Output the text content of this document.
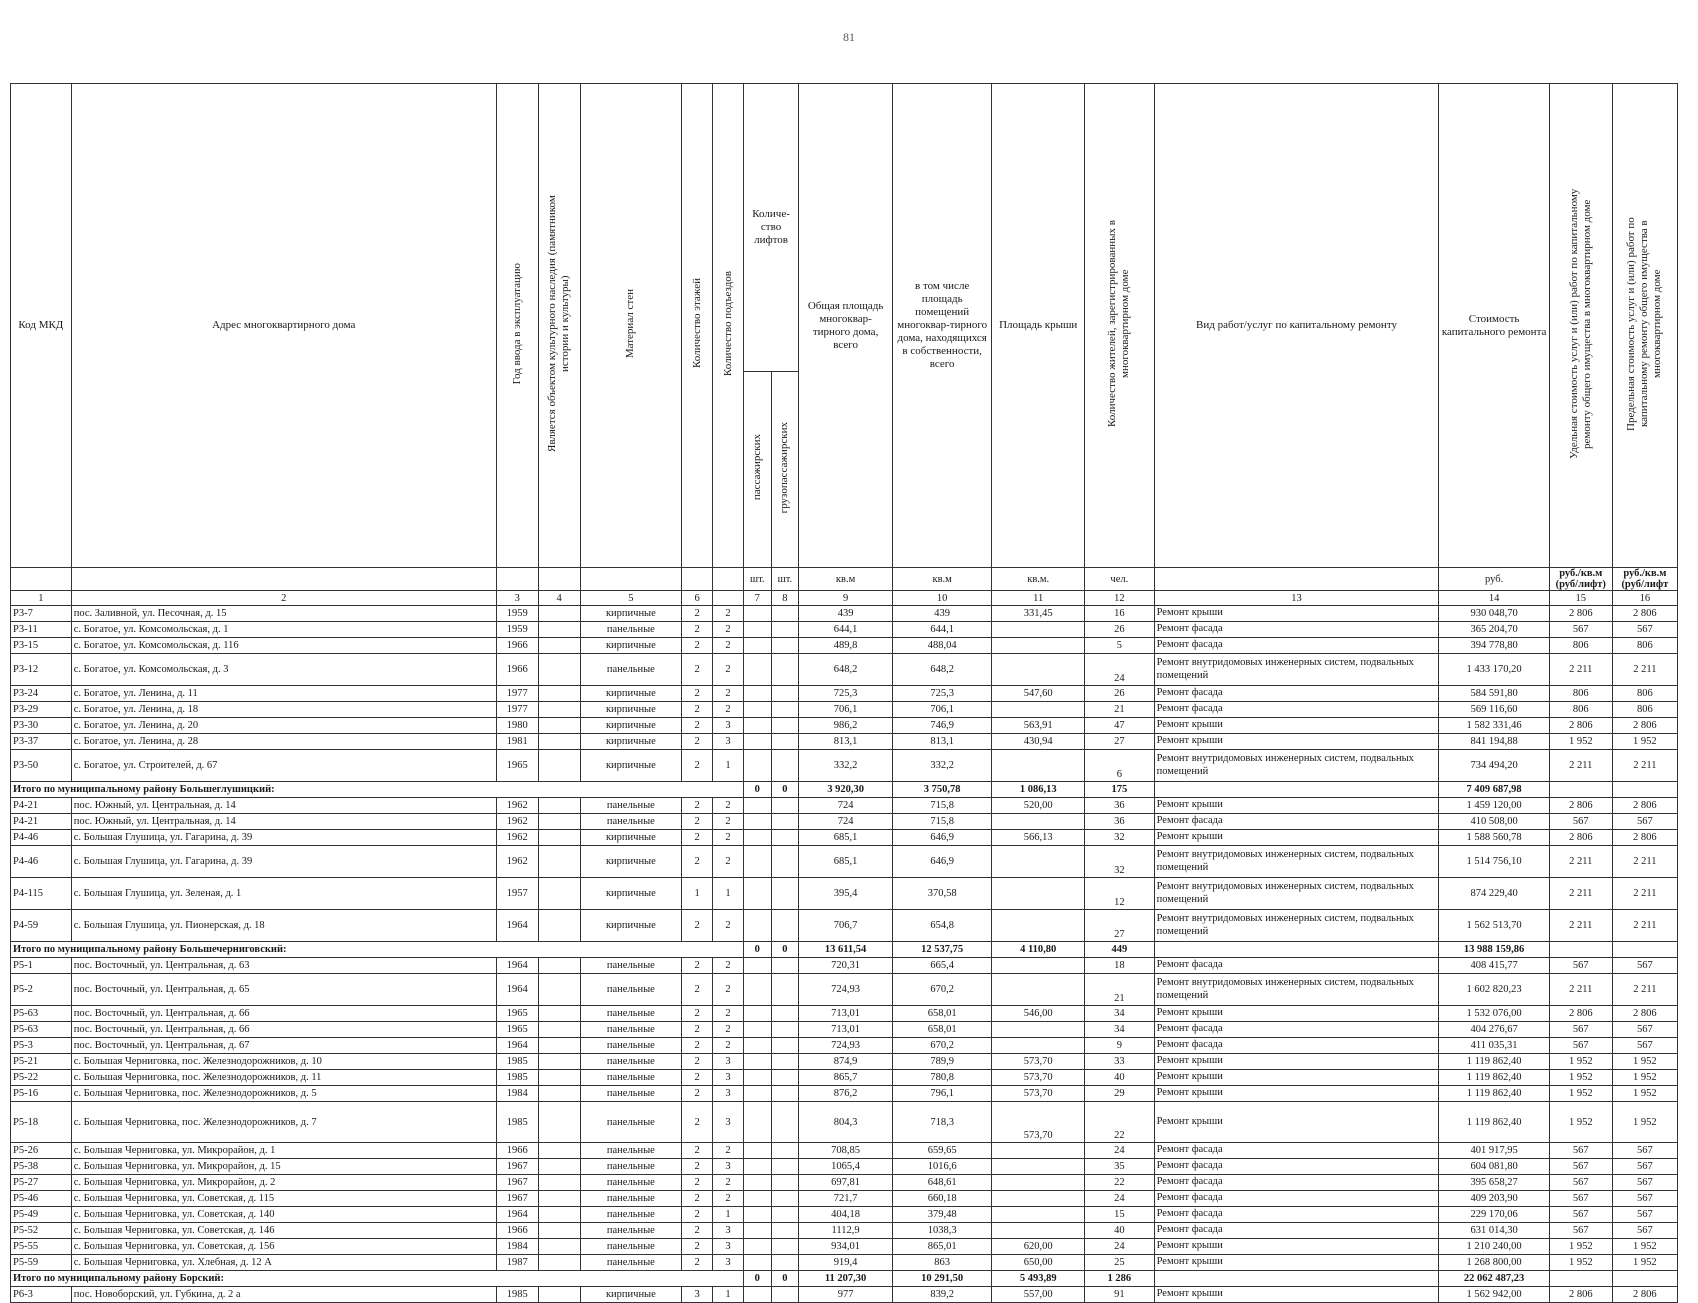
81
Код МКД	Адрес многоквартирного дома	Год ввода в эксплуатацию	Является объектом культурного наследия (памятником истории и культуры)	Материал стен	Количество этажей	Количество подъездов	Количе-ство лифтов		Общая площадь многоквар-тирного дома, всего	в том числе площадь помещений многоквар-тирного дома, находящихся в собственности, всего	Площадь крыши	Количество жителей, зарегистрированных в многоквартирном доме	Вид работ/услуг по капитальному ремонту	Стоимость капитального ремонта	Удельная стоимость услуг и (или) работ по капитальному ремонту общего имущества в многоквартирном доме	Предельная стоимость услуг и (или) работ по капитальному ремонту общего имущества в многоквартирном доме
							пассажирских	грузопассажирских								
							шт.	шт.	кв.м	кв.м	кв.м.	чел.		руб.	руб./кв.м (руб/лифт)	руб./кв.м (руб/лифт
1	2	3	4	5	6		7	8	9	10	11	12	13	14	15	16
Р3-7	пос. Заливной, ул. Песочная, д. 15	1959		кирпичные	2	2			439	439	331,45	16	Ремонт крыши	930 048,70	2 806	2 806
Р3-11	с. Богатое, ул. Комсомольская, д. 1	1959		панельные	2	2			644,1	644,1		26	Ремонт фасада	365 204,70	567	567
Р3-15	с. Богатое, ул. Комсомольская, д. 116	1966		кирпичные	2	2			489,8	488,04		5	Ремонт фасада	394 778,80	806	806
Р3-12	с. Богатое, ул. Комсомольская, д. 3	1966		панельные	2	2			648,2	648,2		24	Ремонт внутридомовых инженерных систем, подвальных помещений	1 433 170,20	2 211	2 211
Р3-24	с. Богатое, ул. Ленина, д. 11	1977		кирпичные	2	2			725,3	725,3	547,60	26	Ремонт фасада	584 591,80	806	806
Р3-29	с. Богатое, ул. Ленина, д. 18	1977		кирпичные	2	2			706,1	706,1		21	Ремонт фасада	569 116,60	806	806
Р3-30	с. Богатое, ул. Ленина, д. 20	1980		кирпичные	2	3			986,2	746,9	563,91	47	Ремонт крыши	1 582 331,46	2 806	2 806
Р3-37	с. Богатое, ул. Ленина, д. 28	1981		кирпичные	2	3			813,1	813,1	430,94	27	Ремонт крыши	841 194,88	1 952	1 952
Р3-50	с. Богатое, ул. Строителей, д. 67	1965		кирпичные	2	1			332,2	332,2		6	Ремонт внутридомовых инженерных систем, подвальных помещений	734 494,20	2 211	2 211
Итого по муниципальному району Большеглушицкий:							0	0	3 920,30	3 750,78	1 086,13	175		7 409 687,98		
Р4-21	пос. Южный, ул. Центральная, д. 14	1962		панельные	2	2			724	715,8	520,00	36	Ремонт крыши	1 459 120,00	2 806	2 806
Р4-21	пос. Южный, ул. Центральная, д. 14	1962		панельные	2	2			724	715,8		36	Ремонт фасада	410 508,00	567	567
Р4-46	с. Большая Глушица, ул. Гагарина, д. 39	1962		кирпичные	2	2			685,1	646,9	566,13	32	Ремонт крыши	1 588 560,78	2 806	2 806
Р4-46	с. Большая Глушица, ул. Гагарина, д. 39	1962		кирпичные	2	2			685,1	646,9		32	Ремонт внутридомовых инженерных систем, подвальных помещений	1 514 756,10	2 211	2 211
Р4-115	с. Большая Глушица, ул. Зеленая, д. 1	1957		кирпичные	1	1			395,4	370,58		12	Ремонт внутридомовых инженерных систем, подвальных помещений	874 229,40	2 211	2 211
Р4-59	с. Большая Глушица, ул. Пионерская, д. 18	1964		кирпичные	2	2			706,7	654,8		27	Ремонт внутридомовых инженерных систем, подвальных помещений	1 562 513,70	2 211	2 211
Итого по муниципальному району Большечерниговский:							0	0	13 611,54	12 537,75	4 110,80	449		13 988 159,86		
Р5-1	пос. Восточный, ул. Центральная, д. 63	1964		панельные	2	2			720,31	665,4		18	Ремонт фасада	408 415,77	567	567
Р5-2	пос. Восточный, ул. Центральная, д. 65	1964		панельные	2	2			724,93	670,2		21	Ремонт внутридомовых инженерных систем, подвальных помещений	1 602 820,23	2 211	2 211
Р5-63	пос. Восточный, ул. Центральная, д. 66	1965		панельные	2	2			713,01	658,01	546,00	34	Ремонт крыши	1 532 076,00	2 806	2 806
Р5-63	пос. Восточный, ул. Центральная, д. 66	1965		панельные	2	2			713,01	658,01		34	Ремонт фасада	404 276,67	567	567
Р5-3	пос. Восточный, ул. Центральная, д. 67	1964		панельные	2	2			724,93	670,2		9	Ремонт фасада	411 035,31	567	567
Р5-21	с. Большая Черниговка, пос. Железнодорожников, д. 10	1985		панельные	2	3			874,9	789,9	573,70	33	Ремонт крыши	1 119 862,40	1 952	1 952
Р5-22	с. Большая Черниговка, пос. Железнодорожников, д. 11	1985		панельные	2	3			865,7	780,8	573,70	40	Ремонт крыши	1 119 862,40	1 952	1 952
Р5-16	с. Большая Черниговка, пос. Железнодорожников, д. 5	1984		панельные	2	3			876,2	796,1	573,70	29	Ремонт крыши	1 119 862,40	1 952	1 952
Р5-18	с. Большая Черниговка, пос. Железнодорожников, д. 7	1985		панельные	2	3			804,3	718,3	573,70	22	Ремонт крыши	1 119 862,40	1 952	1 952
Р5-26	с. Большая Черниговка, ул. Микрорайон, д. 1	1966		панельные	2	2			708,85	659,65		24	Ремонт фасада	401 917,95	567	567
Р5-38	с. Большая Черниговка, ул. Микрорайон, д. 15	1967		панельные	2	3			1065,4	1016,6		35	Ремонт фасада	604 081,80	567	567
Р5-27	с. Большая Черниговка, ул. Микрорайон, д. 2	1967		панельные	2	2			697,81	648,61		22	Ремонт фасада	395 658,27	567	567
Р5-46	с. Большая Черниговка, ул. Советская, д. 115	1967		панельные	2	2			721,7	660,18		24	Ремонт фасада	409 203,90	567	567
Р5-49	с. Большая Черниговка, ул. Советская, д. 140	1964		панельные	2	1			404,18	379,48		15	Ремонт фасада	229 170,06	567	567
Р5-52	с. Большая Черниговка, ул. Советская, д. 146	1966		панельные	2	3			1112,9	1038,3		40	Ремонт фасада	631 014,30	567	567
Р5-55	с. Большая Черниговка, ул. Советская, д. 156	1984		панельные	2	3			934,01	865,01	620,00	24	Ремонт крыши	1 210 240,00	1 952	1 952
Р5-59	с. Большая Черниговка, ул. Хлебная, д. 12 А	1987		панельные	2	3			919,4	863	650,00	25	Ремонт крыши	1 268 800,00	1 952	1 952
Итого по муниципальному району Борский:							0	0	11 207,30	10 291,50	5 493,89	1 286		22 062 487,23		
Р6-3	пос. Новоборский, ул. Губкина, д. 2 а	1985		кирпичные	3	1			977	839,2	557,00	91	Ремонт крыши	1 562 942,00	2 806	2 806
